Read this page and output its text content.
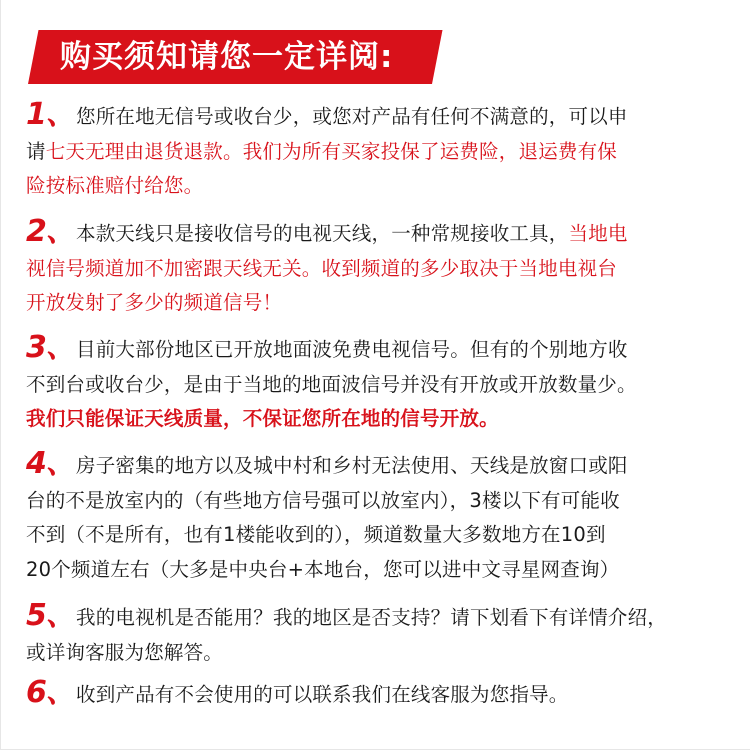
购买须知请您一定详阅:
1、 您所在地无信号或收台少，或您对产品有任何不满意的，可以申
请七天无理由退货退款。我们为所有买家投保了运费险，退运费有保
险按标准赔付给您。
2、 本款天线只是接收信号的电视天线，一种常规接收工具，当地电
视信号频道加不加密跟天线无关。收到频道的多少取决于当地电视台
开放发射了多少的频道信号！
3、 目前大部份地区已开放地面波免费电视信号。但有的个别地方收
不到台或收台少，是由于当地的地面波信号并没有开放或开放数量少。
我们只能保证天线质量，不保证您所在地的信号开放。
4、 房子密集的地方以及城中村和乡村无法使用、天线是放窗口或阳
台的不是放室内的（有些地方信号强可以放室内），3楼以下有可能收
不到（不是所有，也有1楼能收到的），频道数量大多数地方在10到
20个频道左右（大多是中央台+本地台，您可以进中文寻星网查询）
5、 我的电视机是否能用？我的地区是否支持？请下划看下有详情介绍，
或详询客服为您解答。
6、 收到产品有不会使用的可以联系我们在线客服为您指导。
